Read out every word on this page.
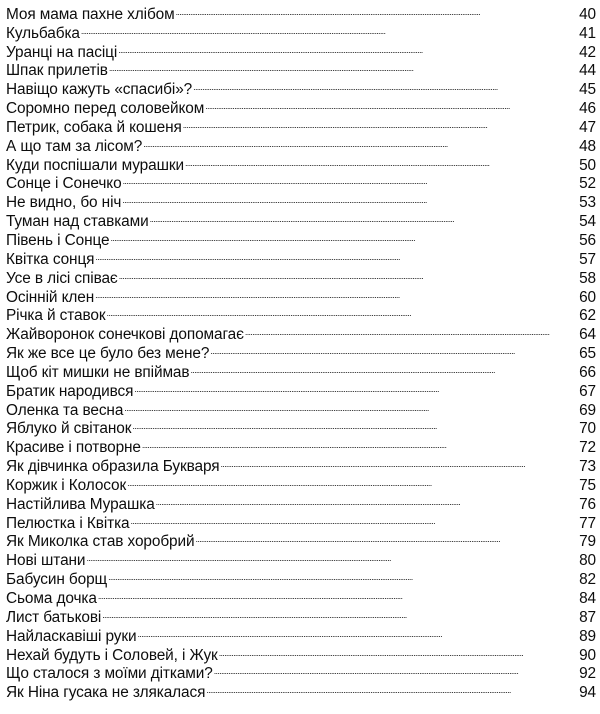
Моя мама пахне хлібом . . .	40
Кульбабка . . .	41
Уранці на пасіці . . .	42
Шпак прилетів . . .	44
Навіщо кажуть «спасибі»? . . .	45
Соромно перед соловейком . . .	46
Петрик, собака й кошеня . . .	47
А що там за лісом? . . .	48
Куди поспішали мурашки . . .	50
Сонце і Сонечко . . .	52
Не видно, бо ніч . . .	53
Туман над ставками . . .	54
Півень і Сонце . . .	56
Квітка сонця . . .	57
Усе в лісі співає . . .	58
Осінній клен . . .	60
Річка й ставок . . .	62
Жайворонок сонечкові допомагає . . .	64
Як же все це було без мене? . . .	65
Щоб кіт мишки не впіймав . . .	66
Братик народився . . .	67
Оленка та весна . . .	69
Яблуко й світанок . . .	70
Красиве і потворне . . .	72
Як дівчинка образила Букваря . . .	73
Коржик і Колосок . . .	75
Настійлива Мурашка . . .	76
Пелюстка і Квітка . . .	77
Як Миколка став хоробрий . . .	79
Нові штани . . .	80
Бабусин борщ . . .	82
Сьома дочка . . .	84
Лист батькові . . .	87
Найласкавіші руки . . .	89
Нехай будуть і Соловей, і Жук . . .	90
Що сталося з моїми дітками? . . .	92
Як Ніна гусака не злякалася . . .	94
